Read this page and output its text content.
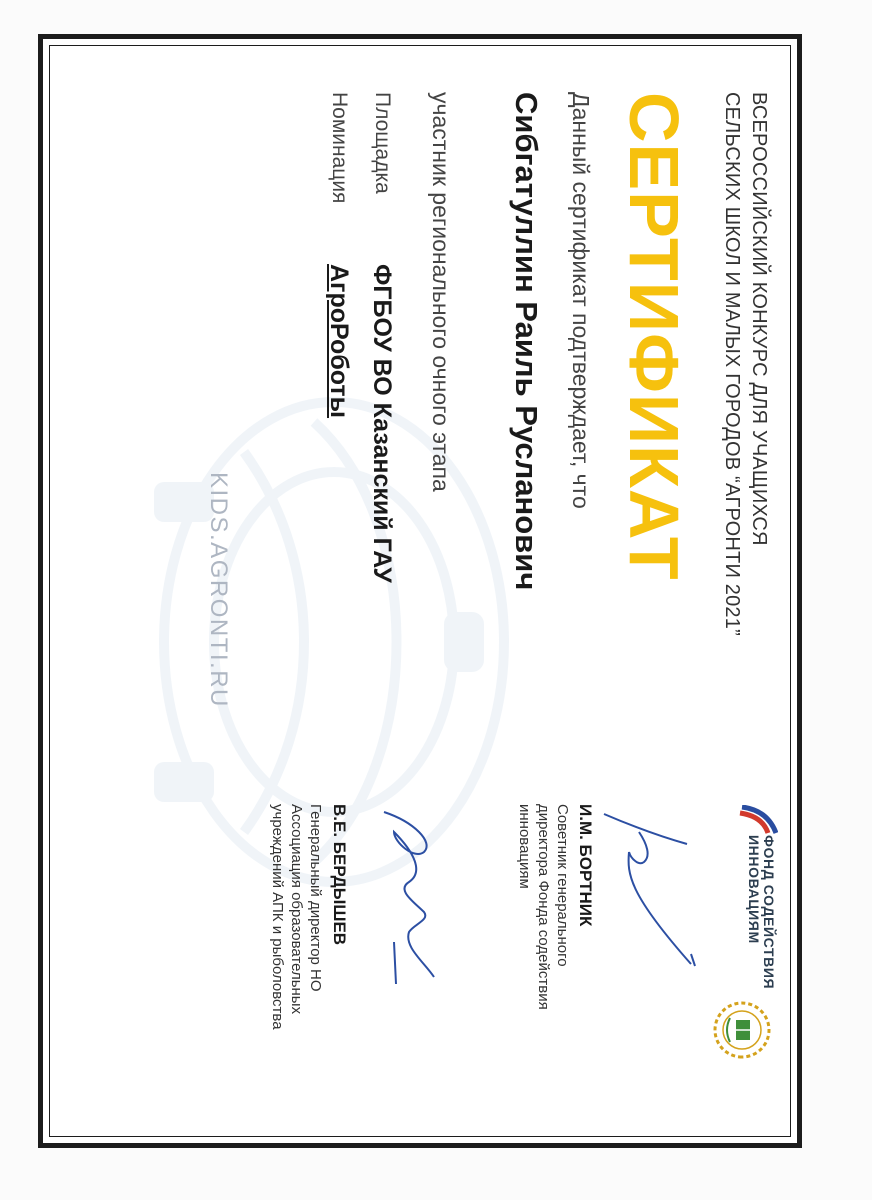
ВСЕРОССИЙСКИЙ КОНКУРС ДЛЯ УЧАЩИХСЯ
СЕЛЬСКИХ ШКОЛ И МАЛЫХ ГОРОДОВ “АГРОНТИ 2021”
СЕРТИФИКАТ
Данный сертификат подтверждает, что
Сибгатуллин Раиль Русланович
участник регионального очного этапа
Площадка
ФГБОУ ВО Казанский ГАУ
Номинация
АгроРоботы
KIDS.AGRONTI.RU
ФОНД СОДЕЙСТВИЯ
ИННОВАЦИЯМ
И.М. БОРТНИК
Советник генерального
директора Фонда содействия
инновациям
В.Е. БЕРДЫШЕВ
Генеральный директор НО
Ассоциация образовательных
учреждений АПК и рыболовства
